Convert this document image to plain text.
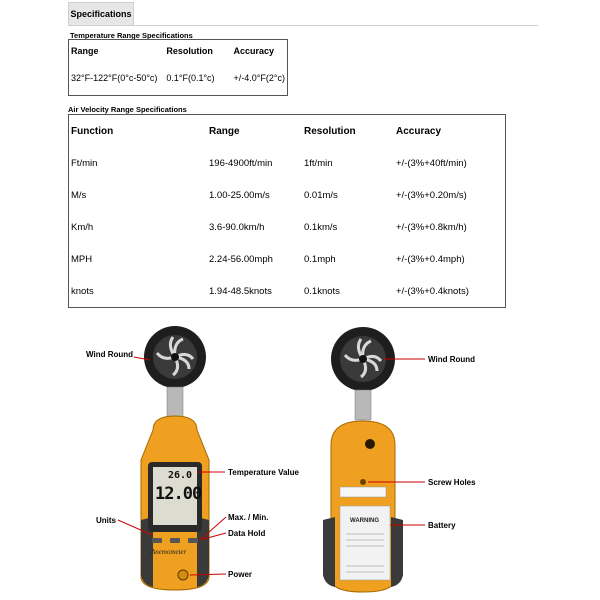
Specifications
Temperature Range Specifications
Range	Resolution	Accuracy
32°F-122°F(0°c-50°c)	0.1°F(0.1°c)	+/-4.0°F(2°c)
Air Velocity Range Specifications
Function	Range	Resolution	Accuracy
Ft/min	196-4900ft/min	1ft/min	+/-(3%+40ft/min)
M/s	1.00-25.00m/s	0.01m/s	+/-(3%+0.20m/s)
Km/h	3.6-90.0km/h	0.1km/s	+/-(3%+0.8km/h)
MPH	2.24-56.00mph	0.1mph	+/-(3%+0.4mph)
knots	1.94-48.5knots	0.1knots	+/-(3%+0.4knots)
26.0
12.00
Anemometer
WARNING
Wind Round
Temperature Value
Units	Max. / Min.
Data Hold
Power
Wind Round
Screw Holes
Battery
